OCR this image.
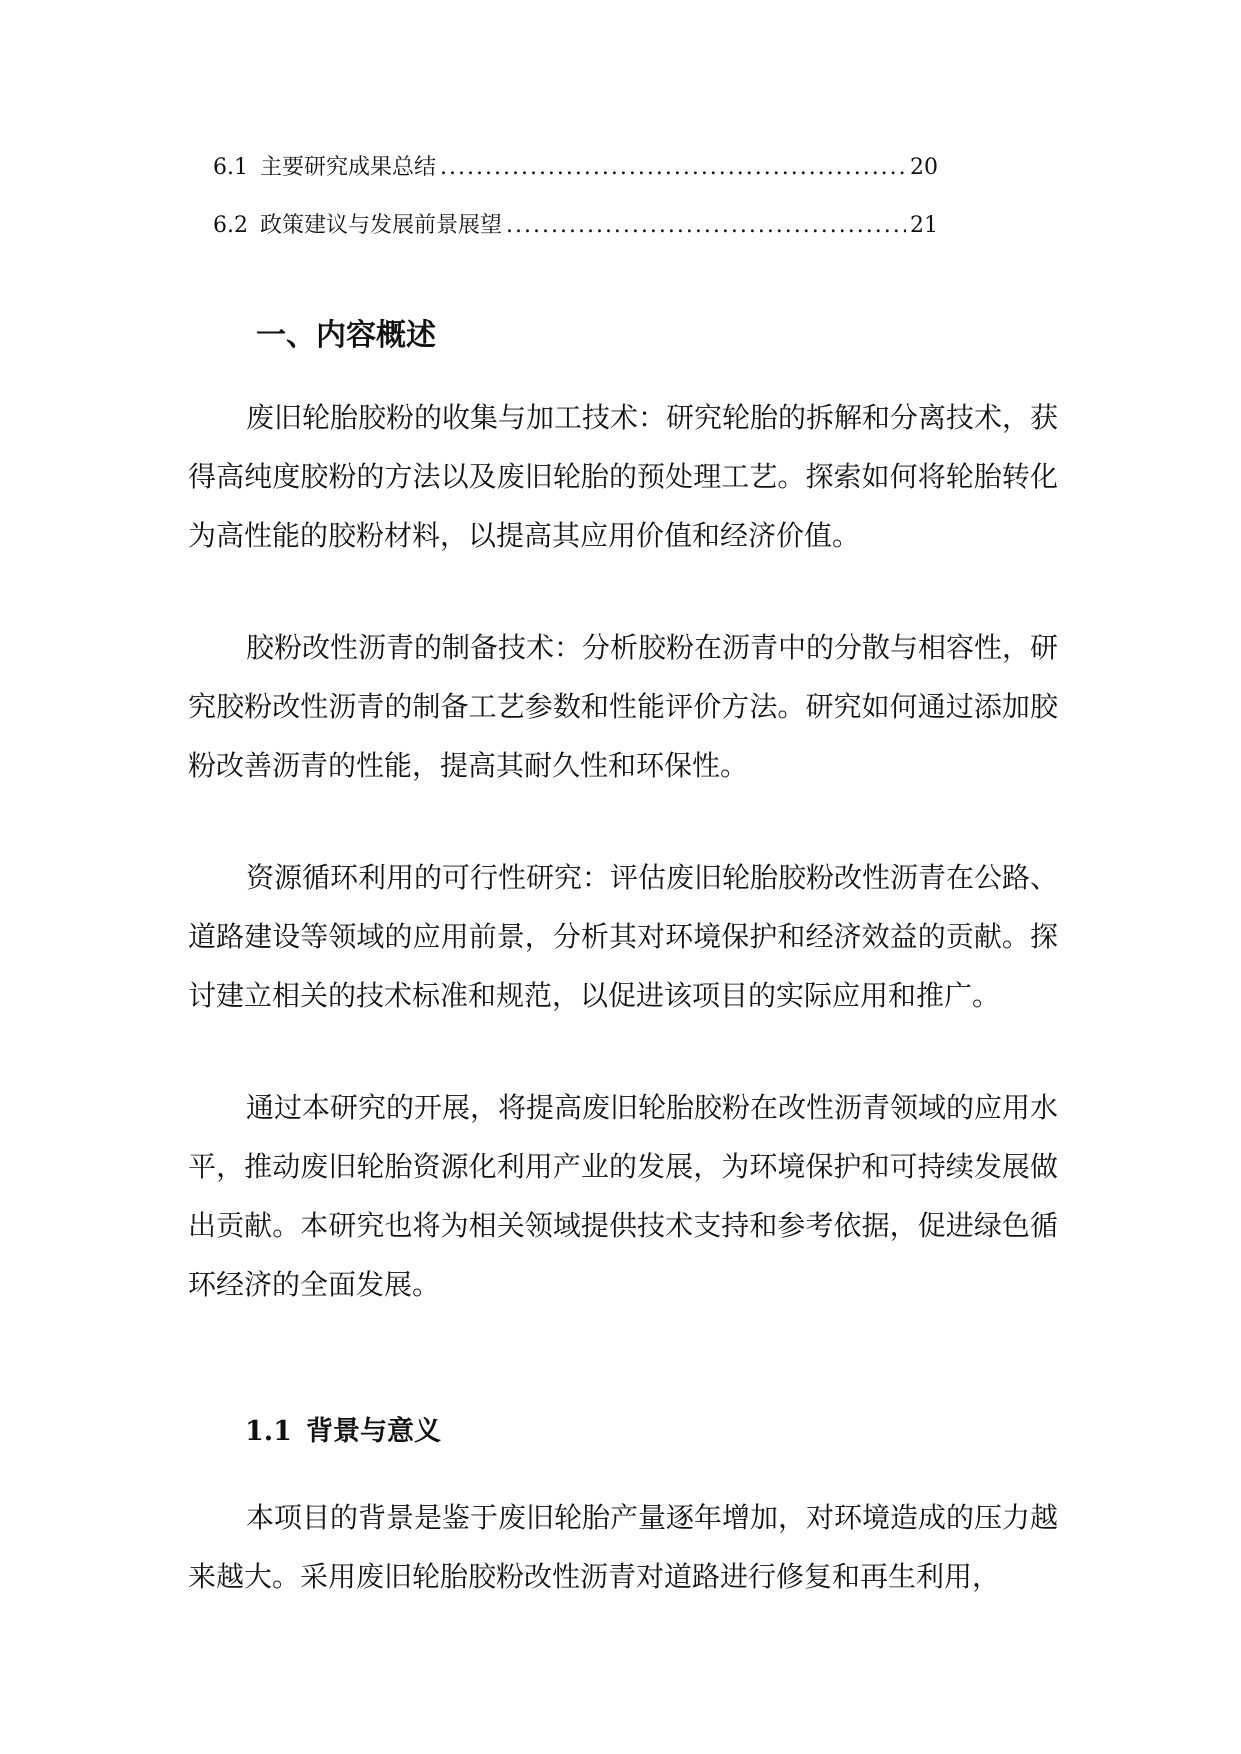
6.1 主要研究成果总结 .....	20
6.2 政策建议与发展前景展望 .....	21
一、内容概述

废旧轮胎胶粉的收集与加工技术：研究轮胎的拆解和分离技术，获得高纯度胶粉的方法以及废旧轮胎的预处理工艺。探索如何将轮胎转化为高性能的胶粉材料，以提高其应用价值和经济价值。

胶粉改性沥青的制备技术：分析胶粉在沥青中的分散与相容性，研究胶粉改性沥青的制备工艺参数和性能评价方法。研究如何通过添加胶粉改善沥青的性能，提高其耐久性和环保性。

资源循环利用的可行性研究：评估废旧轮胎胶粉改性沥青在公路、道路建设等领域的应用前景，分析其对环境保护和经济效益的贡献。探讨建立相关的技术标准和规范，以促进该项目的实际应用和推广。

通过本研究的开展，将提高废旧轮胎胶粉在改性沥青领域的应用水平，推动废旧轮胎资源化利用产业的发展，为环境保护和可持续发展做出贡献。本研究也将为相关领域提供技术支持和参考依据，促进绿色循环经济的全面发展。

1.1 背景与意义

本项目的背景是鉴于废旧轮胎产量逐年增加，对环境造成的压力越来越大。采用废旧轮胎胶粉改性沥青对道路进行修复和再生利用，
